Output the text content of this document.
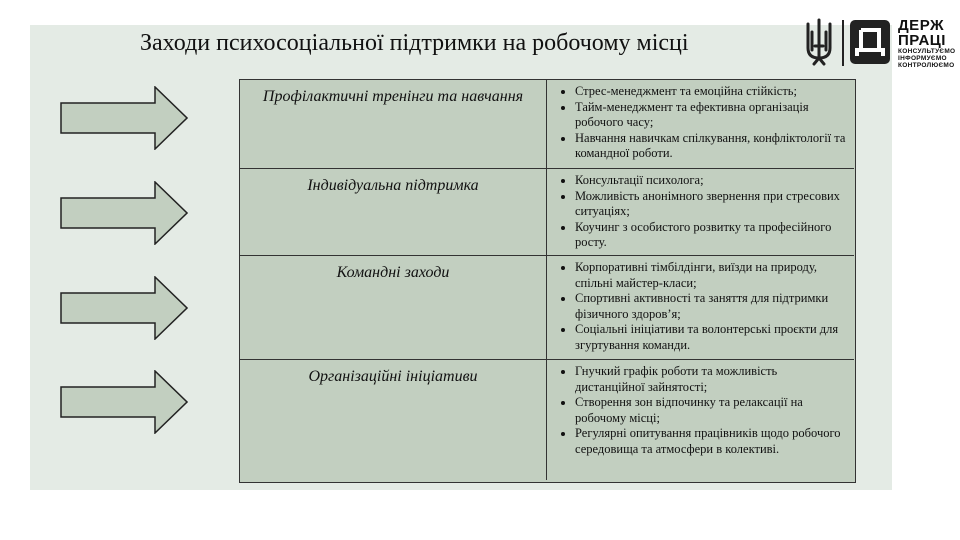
Заходи психосоціальної підтримки на робочому місці
ДЕРЖ
ПРАЦІ
КОНСУЛЬТУЄМО
ІНФОРМУЄМО
КОНТРОЛЮЄМО
Профілактичні тренінги та навчання	• Стрес-менеджмент та емоційна стійкість;
• Тайм-менеджмент та ефективна організація робочого часу;
• Навчання навичкам спілкування, конфліктології та командної роботи.
Індивідуальна підтримка	• Консультації психолога;
• Можливість анонімного звернення при стресових ситуаціях;
• Коучинг з особистого розвитку та професійного росту.
Командні заходи	• Корпоративні тімбілдінги, виїзди на природу, спільні майстер-класи;
• Спортивні активності та заняття для підтримки фізичного здоров’я;
• Соціальні ініціативи та волонтерські проєкти для згуртування команди.
Організаційні ініціативи	• Гнучкий графік роботи та можливість дистанційної зайнятості;
• Створення зон відпочинку та релаксації на робочому місці;
• Регулярні опитування працівників щодо робочого середовища та атмосфери в колективі.
